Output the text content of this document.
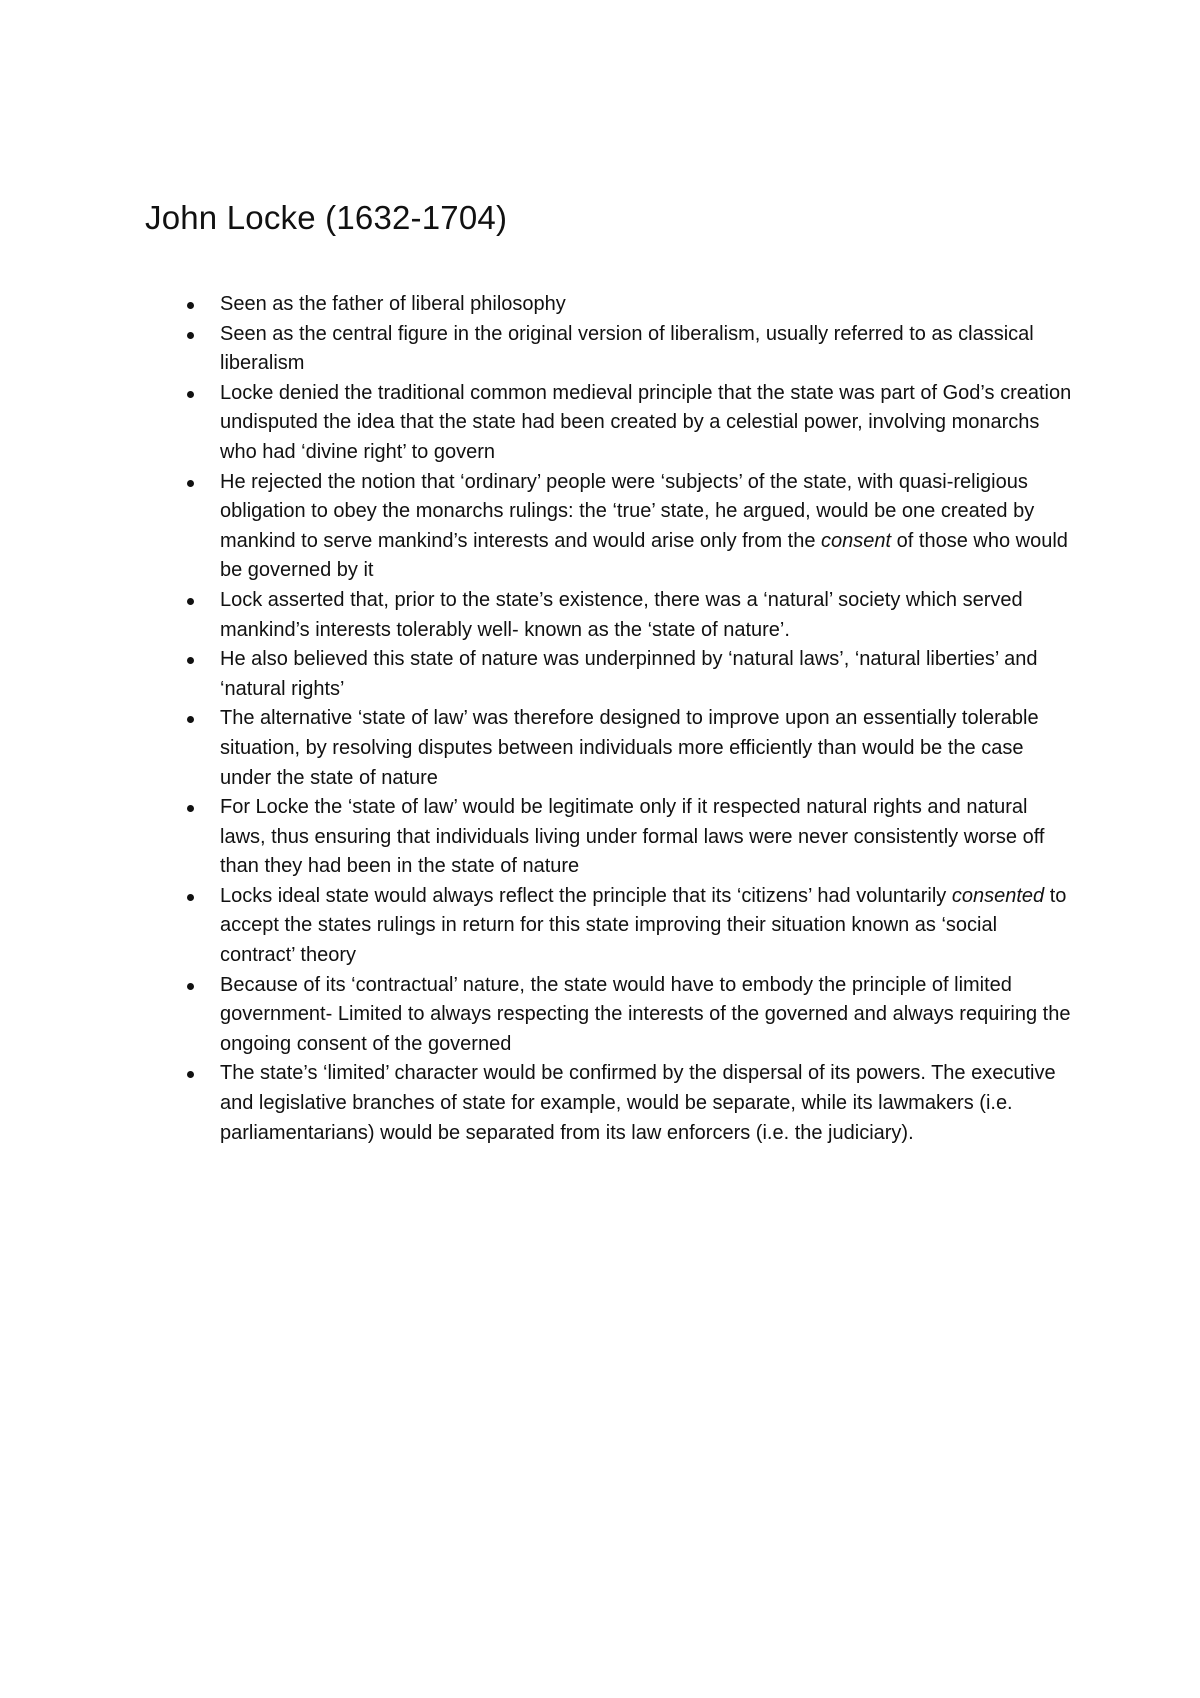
John Locke (1632-1704)
Seen as the father of liberal philosophy
Seen as the central figure in the original version of liberalism, usually referred to as classical liberalism
Locke denied the traditional common medieval principle that the state was part of God’s creation undisputed the idea that the state had been created by a celestial power, involving monarchs who had ‘divine right’ to govern
He rejected the notion that ‘ordinary’ people were ‘subjects’ of the state, with quasi-religious obligation to obey the monarchs rulings: the ‘true’ state, he argued, would be one created by mankind to serve mankind’s interests and would arise only from the consent of those who would be governed by it
Lock asserted that, prior to the state’s existence, there was a ‘natural’ society which served mankind’s interests tolerably well- known as the ‘state of nature’.
He also believed this state of nature was underpinned by ‘natural laws’, ‘natural liberties’ and ‘natural rights’
The alternative ‘state of law’ was therefore designed to improve upon an essentially tolerable situation, by resolving disputes between individuals more efficiently than would be the case under the state of nature
For Locke the ‘state of law’ would be legitimate only if it respected natural rights and natural laws, thus ensuring that individuals living under formal laws were never consistently worse off than they had been in the state of nature
Locks ideal state would always reflect the principle that its ‘citizens’ had voluntarily consented to accept the states rulings in return for this state improving their situation known as ‘social contract’ theory
Because of its ‘contractual’ nature, the state would have to embody the principle of limited government- Limited to always respecting the interests of the governed and always requiring the ongoing consent of the governed
The state’s ‘limited’ character would be confirmed by the dispersal of its powers. The executive and legislative branches of state for example, would be separate, while its lawmakers (i.e. parliamentarians) would be separated from its law enforcers (i.e. the judiciary).
